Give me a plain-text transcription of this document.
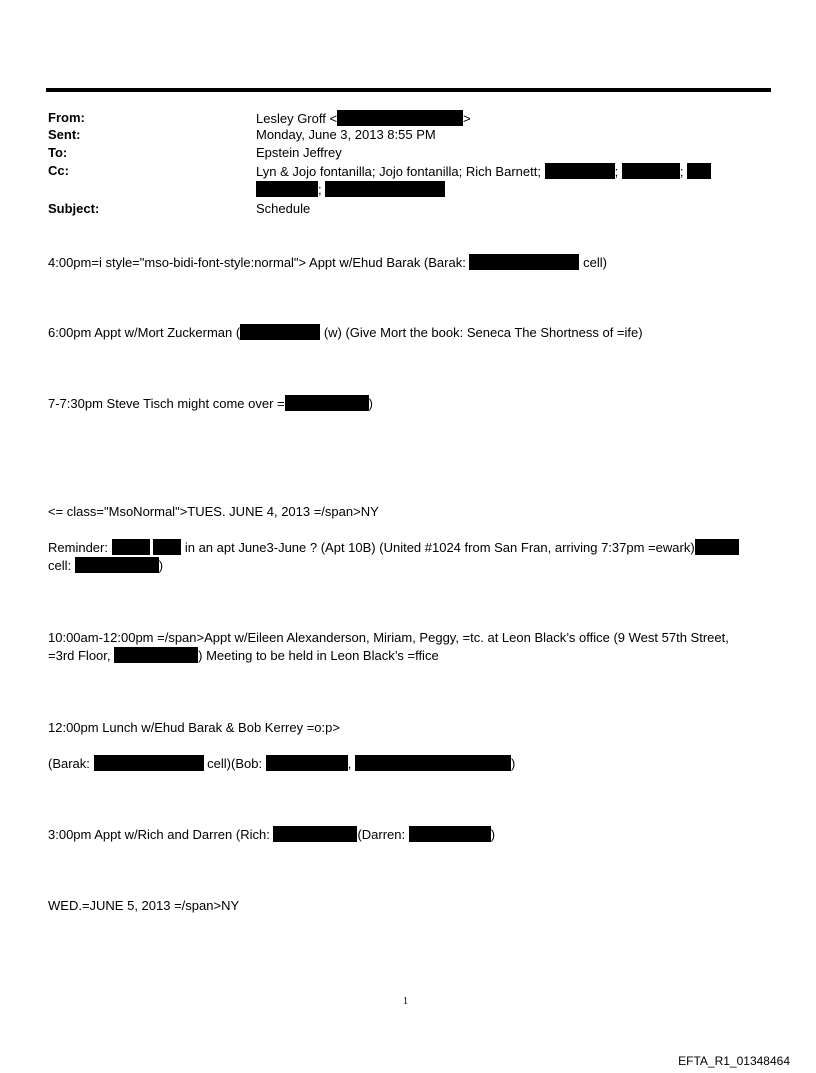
From:	Lesley Groff <	>
Sent:	Monday, June 3, 2013 8:55 PM
To:	Epstein Jeffrey
Cc:	Lyn & Jojo fontanilla; Jojo fontanilla; Rich Barnett;	;	;
;
Subject:	Schedule
4:00pm=i style="mso-bidi-font-style:normal"> Appt w/Ehud Barak (Barak:	cell)
6:00pm Appt w/Mort Zuckerman (	(w) (Give Mort the book: Seneca The Shortness of =ife)
7-7:30pm Steve Tisch might come over =	)
<= class="MsoNormal">TUES. JUNE 4, 2013 =/span>NY
Reminder:	in an apt June3-June ? (Apt 10B) (United #1024 from San Fran, arriving 7:37pm =ewark)
cell:	)
10:00am-12:00pm =/span>Appt w/Eileen Alexanderson, Miriam, Peggy, =tc. at Leon Black’s office (9 West 57th Street,
=3rd Floor,	) Meeting to be held in Leon Black’s =ffice
12:00pm Lunch w/Ehud Barak & Bob Kerrey =o:p>
(Barak:	cell)(Bob:	,	)
3:00pm Appt w/Rich and Darren (Rich:	(Darren:	)
WED.=JUNE 5, 2013 =/span>NY
1
EFTA_R1_01348464
